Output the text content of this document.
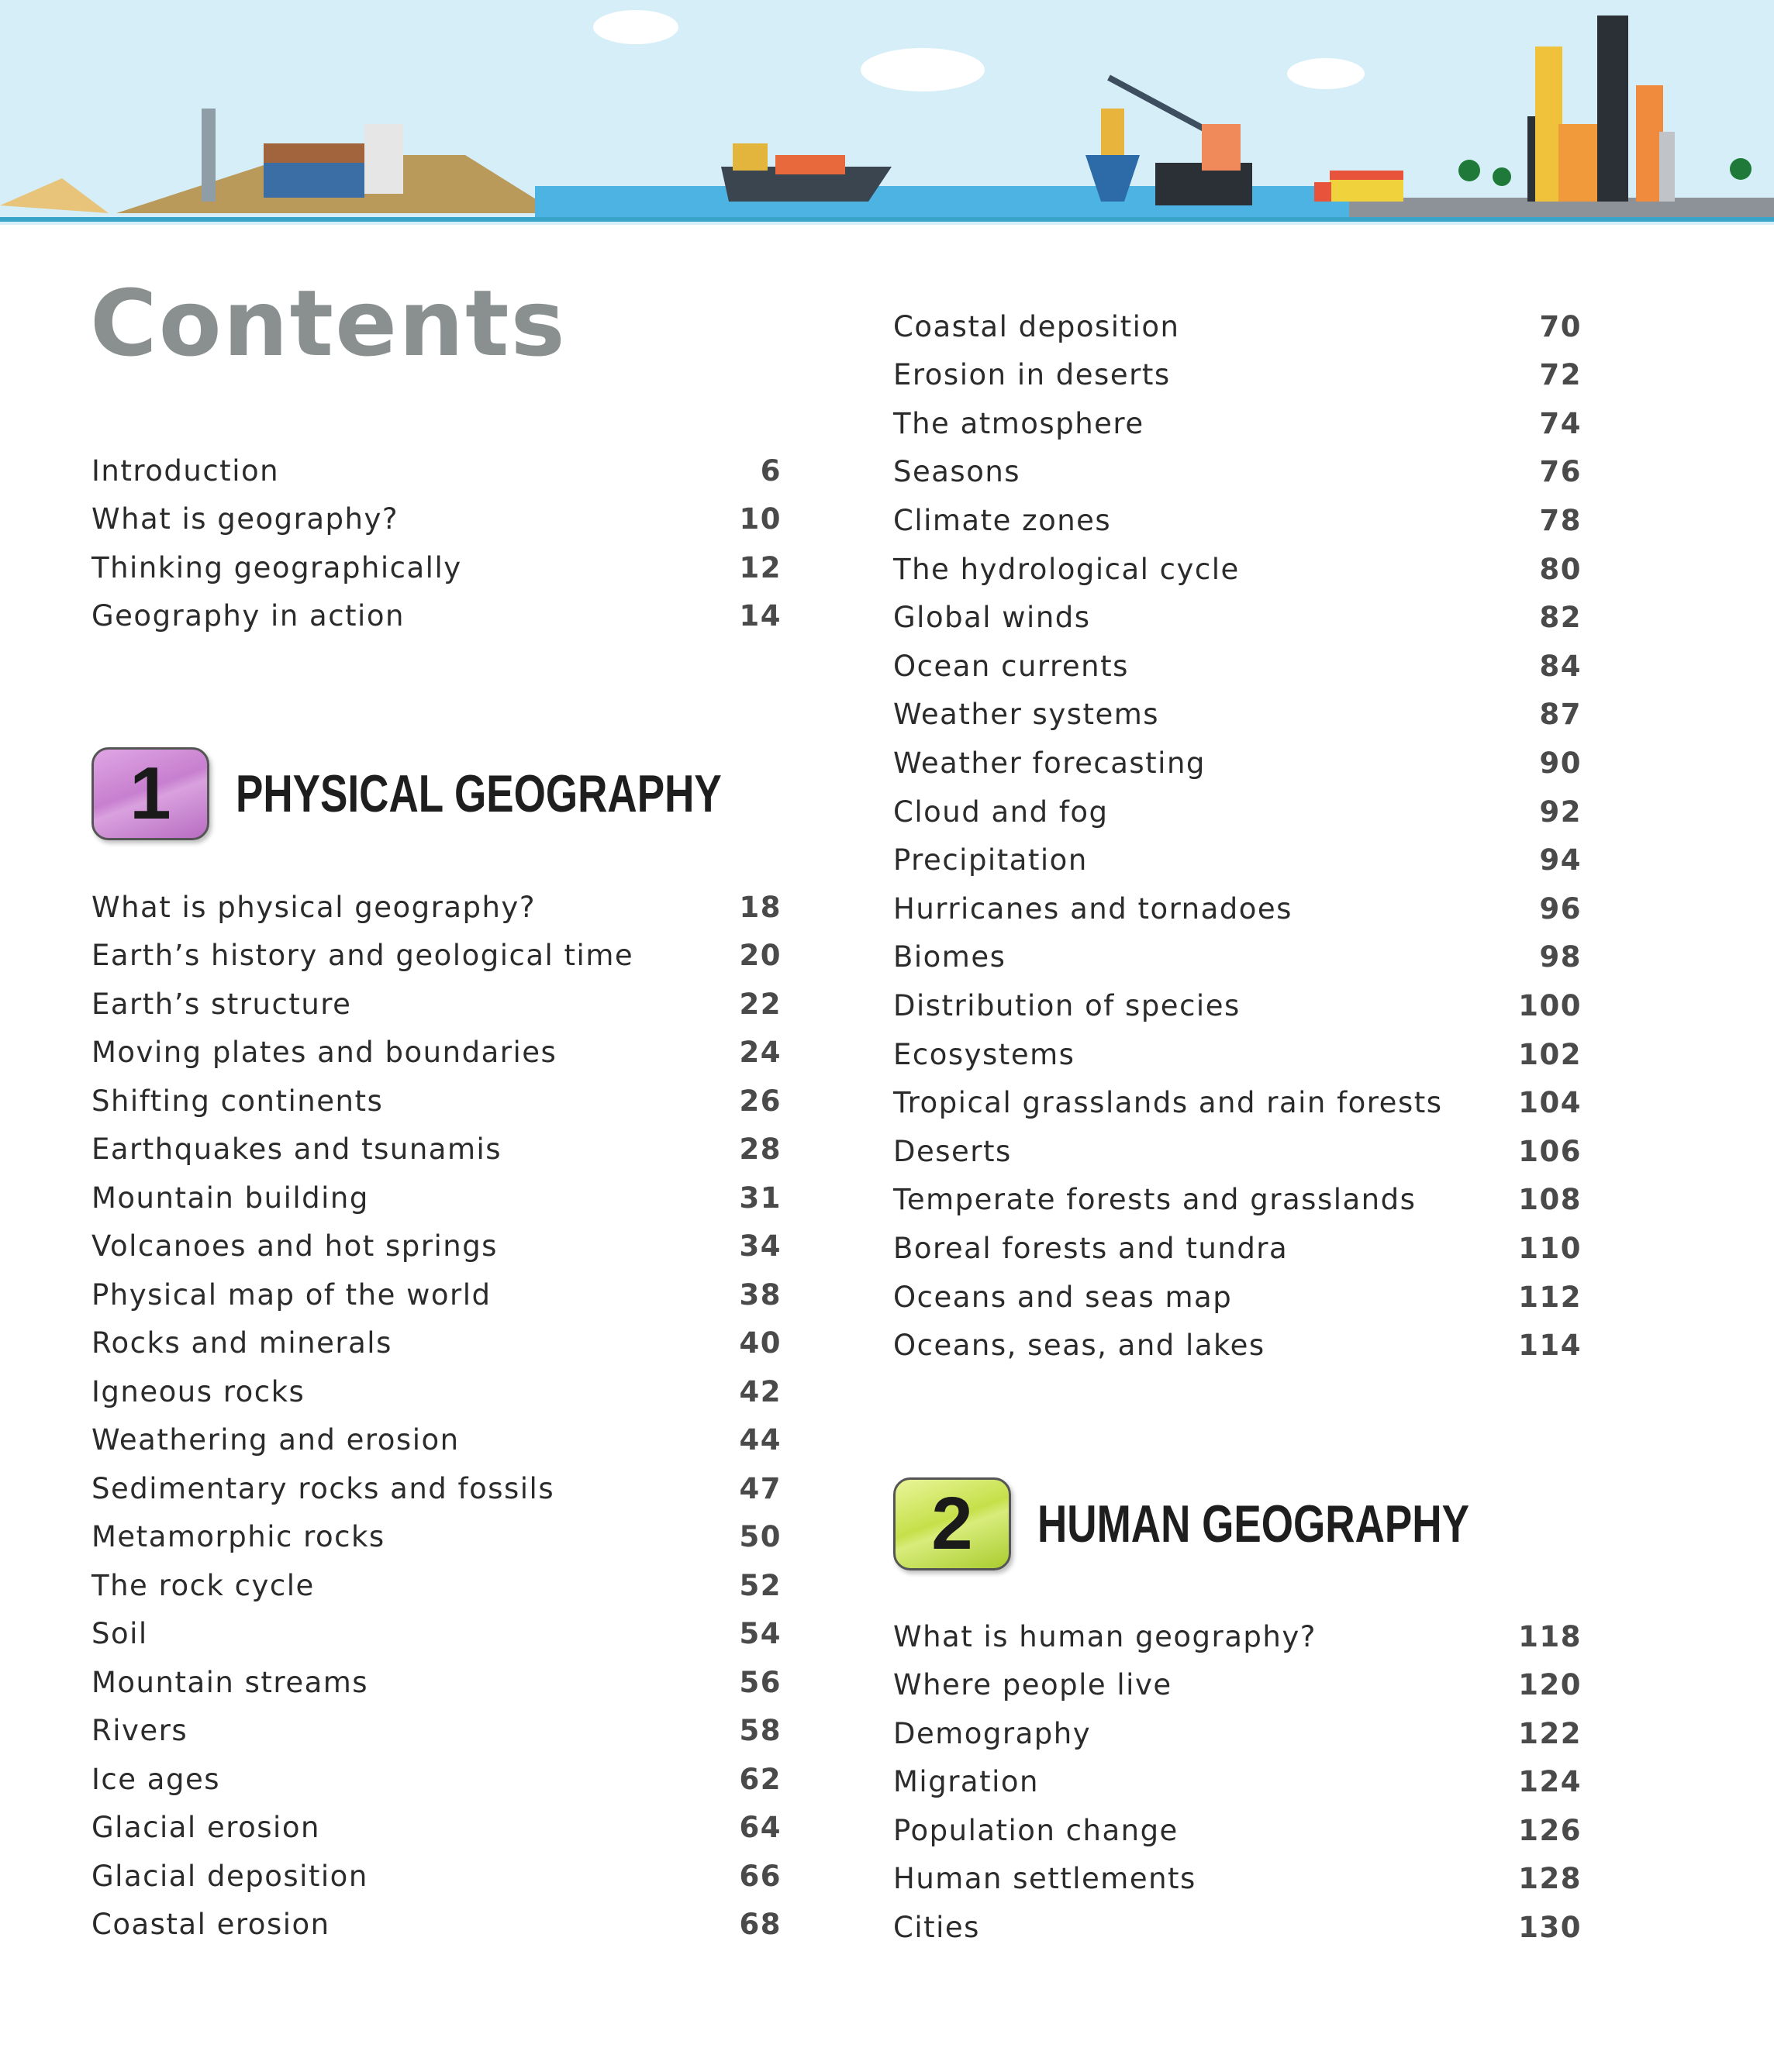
Contents
1	PHYSICAL GEOGRAPHY
2	HUMAN GEOGRAPHY
Introduction	6
What is geography?	10
Thinking geographically	12
Geography in action	14
What is physical geography?	18
Earth’s history and geological time	20
Earth’s structure	22
Moving plates and boundaries	24
Shifting continents	26
Earthquakes and tsunamis	28
Mountain building	31
Volcanoes and hot springs	34
Physical map of the world	38
Rocks and minerals	40
Igneous rocks	42
Weathering and erosion	44
Sedimentary rocks and fossils	47
Metamorphic rocks	50
The rock cycle	52
Soil	54
Mountain streams	56
Rivers	58
Ice ages	62
Glacial erosion	64
Glacial deposition	66
Coastal erosion	68
Coastal deposition	70
Erosion in deserts	72
The atmosphere	74
Seasons	76
Climate zones	78
The hydrological cycle	80
Global winds	82
Ocean currents	84
Weather systems	87
Weather forecasting	90
Cloud and fog	92
Precipitation	94
Hurricanes and tornadoes	96
Biomes	98
Distribution of species	100
Ecosystems	102
Tropical grasslands and rain forests	104
Deserts	106
Temperate forests and grasslands	108
Boreal forests and tundra	110
Oceans and seas map	112
Oceans, seas, and lakes	114
What is human geography?	118
Where people live	120
Demography	122
Migration	124
Population change	126
Human settlements	128
Cities	130
